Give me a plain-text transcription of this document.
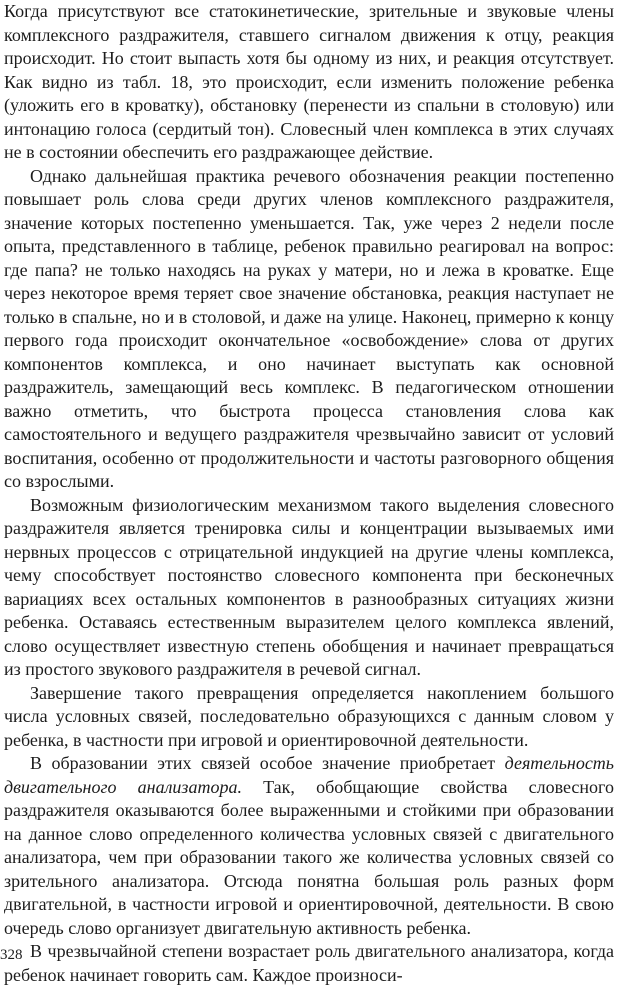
Когда присутствуют все статокинетические, зрительные и звуковые члены комплексного раздражителя, ставшего сигналом движения к отцу, реакция происходит. Но стоит выпасть хотя бы одному из них, и реакция отсутствует. Как видно из табл. 18, это происходит, если изменить положение ребенка (уложить его в кроватку), обстановку (перенести из спальни в столовую) или интонацию голоса (сердитый тон). Словесный член комплекса в этих случаях не в состоянии обеспечить его раздражающее действие.

Однако дальнейшая практика речевого обозначения реакции постепенно повышает роль слова среди других членов комплексного раздражителя, значение которых постепенно уменьшается. Так, уже через 2 недели после опыта, представленного в таблице, ребенок правильно реагировал на вопрос: где папа? не только находясь на руках у матери, но и лежа в кроватке. Еще через некоторое время теряет свое значение обстановка, реакция наступает не только в спальне, но и в столовой, и даже на улице. Наконец, примерно к концу первого года происходит окончательное «освобождение» слова от других компонентов комплекса, и оно начинает выступать как основной раздражитель, замещающий весь комплекс. В педагогическом отношении важно отметить, что быстрота процесса становления слова как самостоятельного и ведущего раздражителя чрезвычайно зависит от условий воспитания, особенно от продолжительности и частоты разговорного общения со взрослыми.

Возможным физиологическим механизмом такого выделения словесного раздражителя является тренировка силы и концентрации вызываемых ими нервных процессов с отрицательной индукцией на другие члены комплекса, чему способствует постоянство словесного компонента при бесконечных вариациях всех остальных компонентов в разнообразных ситуациях жизни ребенка. Оставаясь естественным выразителем целого комплекса явлений, слово осуществляет известную степень обобщения и начинает превращаться из простого звукового раздражителя в речевой сигнал.

Завершение такого превращения определяется накоплением большого числа условных связей, последовательно образующихся с данным словом у ребенка, в частности при игровой и ориентировочной деятельности.

В образовании этих связей особое значение приобретает деятельность двигательного анализатора. Так, обобщающие свойства словесного раздражителя оказываются более выраженными и стойкими при образовании на данное слово определенного количества условных связей с двигательного анализатора, чем при образовании такого же количества условных связей со зрительного анализатора. Отсюда понятна большая роль разных форм двигательной, в частности игровой и ориентировочной, деятельности. В свою очередь слово организует двигательную активность ребенка.

В чрезвычайной степени возрастает роль двигательного анализатора, когда ребенок начинает говорить сам. Каждое произноси-

328
